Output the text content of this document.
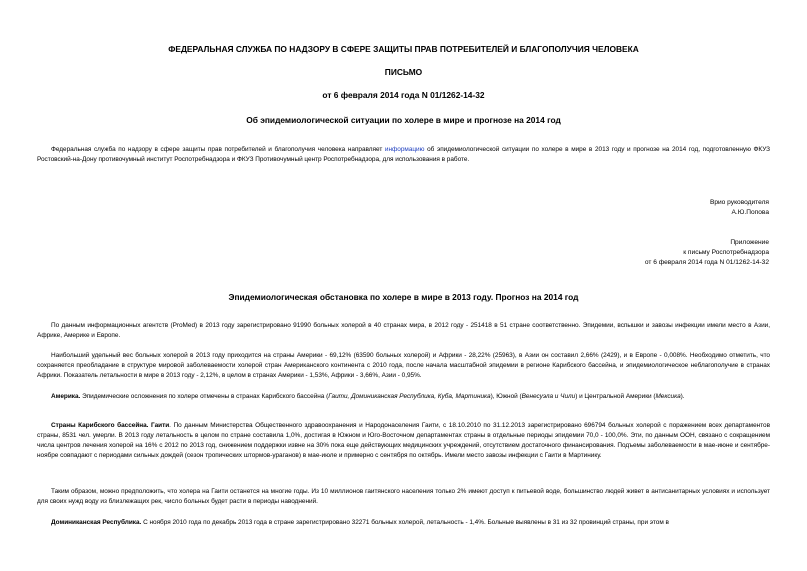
ФЕДЕРАЛЬНАЯ СЛУЖБА ПО НАДЗОРУ В СФЕРЕ ЗАЩИТЫ ПРАВ ПОТРЕБИТЕЛЕЙ И БЛАГОПОЛУЧИЯ ЧЕЛОВЕКА
ПИСЬМО
от 6 февраля 2014 года N 01/1262-14-32
Об эпидемиологической ситуации по холере в мире и прогнозе на 2014 год
Федеральная служба по надзору в сфере защиты прав потребителей и благополучия человека направляет информацию об эпидемиологической ситуации по холере в мире в 2013 году и прогнозе на 2014 год, подготовленную ФКУЗ Ростовский-на-Дону противочумный институт Роспотребнадзора и ФКУЗ Противочумный центр Роспотребнадзора, для использования в работе.
Врио руководителя
А.Ю.Попова
Приложение
к письму Роспотребнадзора
от 6 февраля 2014 года N 01/1262-14-32
Эпидемиологическая обстановка по холере в мире в 2013 году. Прогноз на 2014 год
По данным информационных агентств (ProMed) в 2013 году зарегистрировано 91990 больных холерой в 40 странах мира, в 2012 году - 251418 в 51 стране соответственно. Эпидемии, вспышки и завозы инфекции имели место в Азии, Африке, Америке и Европе.
Наибольший удельный вес больных холерой в 2013 году приходится на страны Америки - 69,12% (63590 больных холерой) и Африки - 28,22% (25963), в Азии он составил 2,66% (2429), и в Европе - 0,008%. Необходимо отметить, что сохраняется преобладание в структуре мировой заболеваемости холерой стран Американского континента с 2010 года, после начала масштабной эпидемии в регионе Карибского бассейна, и эпидемиологическое неблагополучие в странах Африки. Показатель летальности в мире в 2013 году - 2,12%, в целом в странах Америки - 1,53%, Африки - 3,66%, Азии - 0,95%.
Америка. Эпидемические осложнения по холере отмечены в странах Карибского бассейна (Гаити, Доминиканская Республика, Куба, Мартиника), Южной (Венесуэла и Чили) и Центральной Америки (Мексика).
Страны Карибского бассейна. Гаити. По данным Министерства Общественного здравоохранения и Народонаселения Гаити, с 18.10.2010 по 31.12.2013 зарегистрировано 696794 больных холерой с поражением всех департаментов страны, 8531 чел. умерли. В 2013 году летальность в целом по стране составила 1,0%, достигая в Южном и Юго-Восточном департаментах страны в отдельные периоды эпидемии 70,0 - 100,0%. Эти, по данным ООН, связано с сокращением числа центров лечения холерой на 16% с 2012 по 2013 год, снижением поддержки извне на 30% пока еще действующих медицинских учреждений, отсутствием достаточного финансирования. Подъемы заболеваемости в мае-июне и сентябре-ноябре совпадают с периодами сильных дождей (сезон тропических штормов-ураганов) в мае-июле и примерно с сентября по октябрь. Имели место завозы инфекции с Гаити в Мартинику.
Таким образом, можно предположить, что холера на Гаити останется на многие годы. Из 10 миллионов гаитянского населения только 2% имеют доступ к питьевой воде, большинство людей живет в антисанитарных условиях и использует для своих нужд воду из близлежащих рек, число больных будет расти в периоды наводнений.
Доминиканская Республика. С ноября 2010 года по декабрь 2013 года в стране зарегистрировано 32271 больных холерой, летальность - 1,4%. Больные выявлены в 31 из 32 провинций страны, при этом в
